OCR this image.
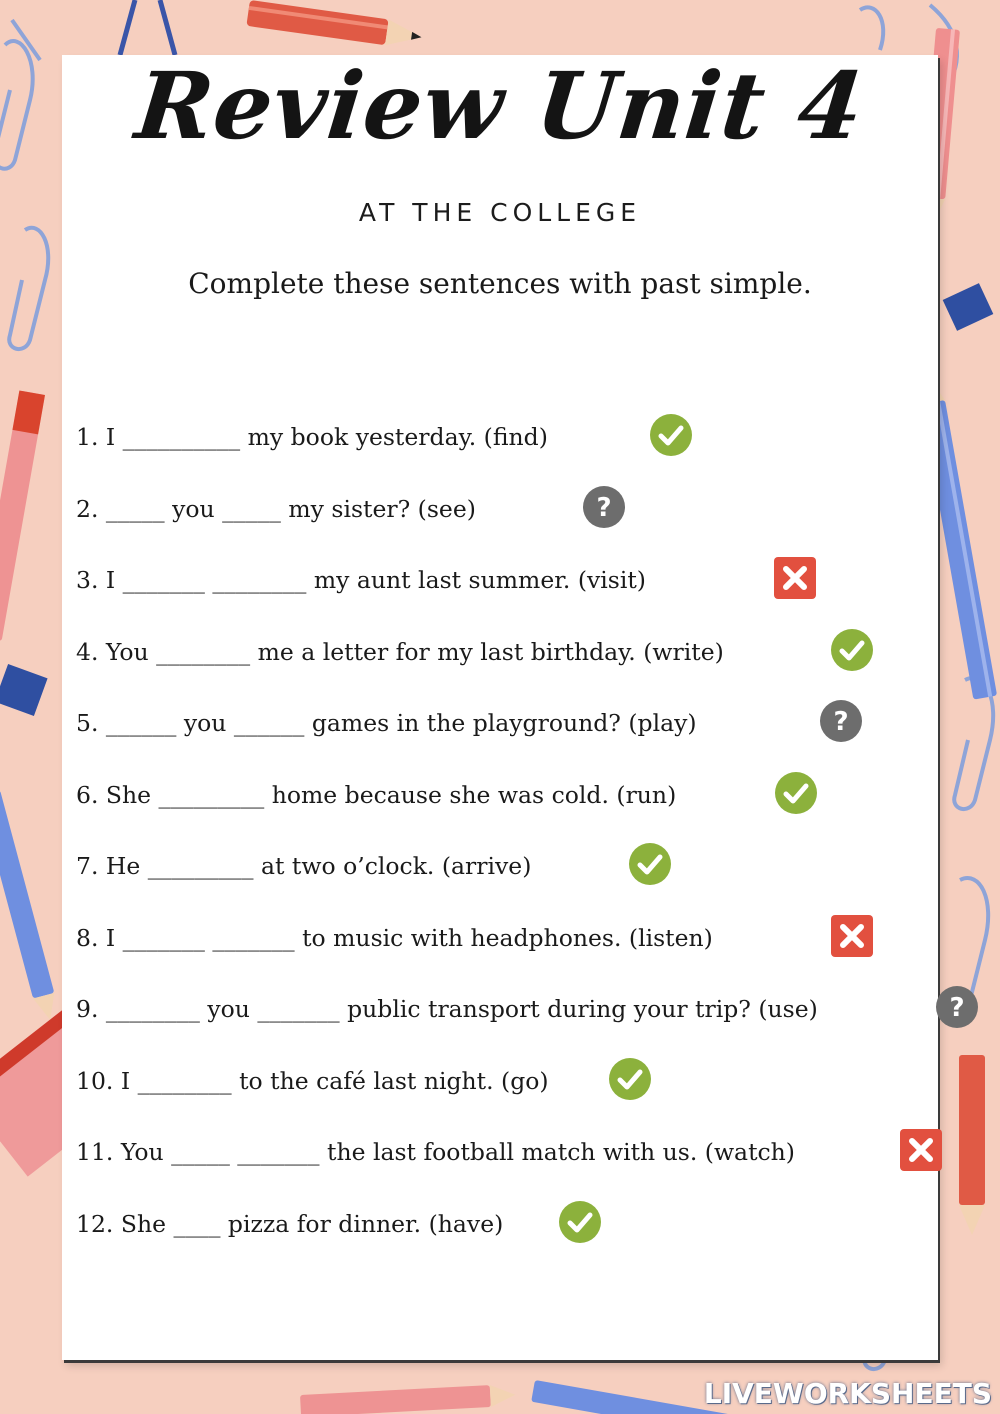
Review Unit 4
AT THE COLLEGE
Complete these sentences with past simple.
1. I __________ my book yesterday. (find)
2. _____ you _____ my sister? (see)	?
3. I _______ ________ my aunt last summer. (visit)
4. You ________ me a letter for my last birthday. (write)
5. ______ you ______ games in the playground? (play)	?
6. She _________ home because she was cold. (run)
7. He _________ at two o’clock. (arrive)
8. I _______ _______ to music with headphones. (listen)
9. ________ you _______ public transport during your trip? (use)	?
10. I ________ to the café last night. (go)
11. You _____ _______ the last football match with us. (watch)
12. She ____ pizza for dinner. (have)
LIVEWORKSHEETS
